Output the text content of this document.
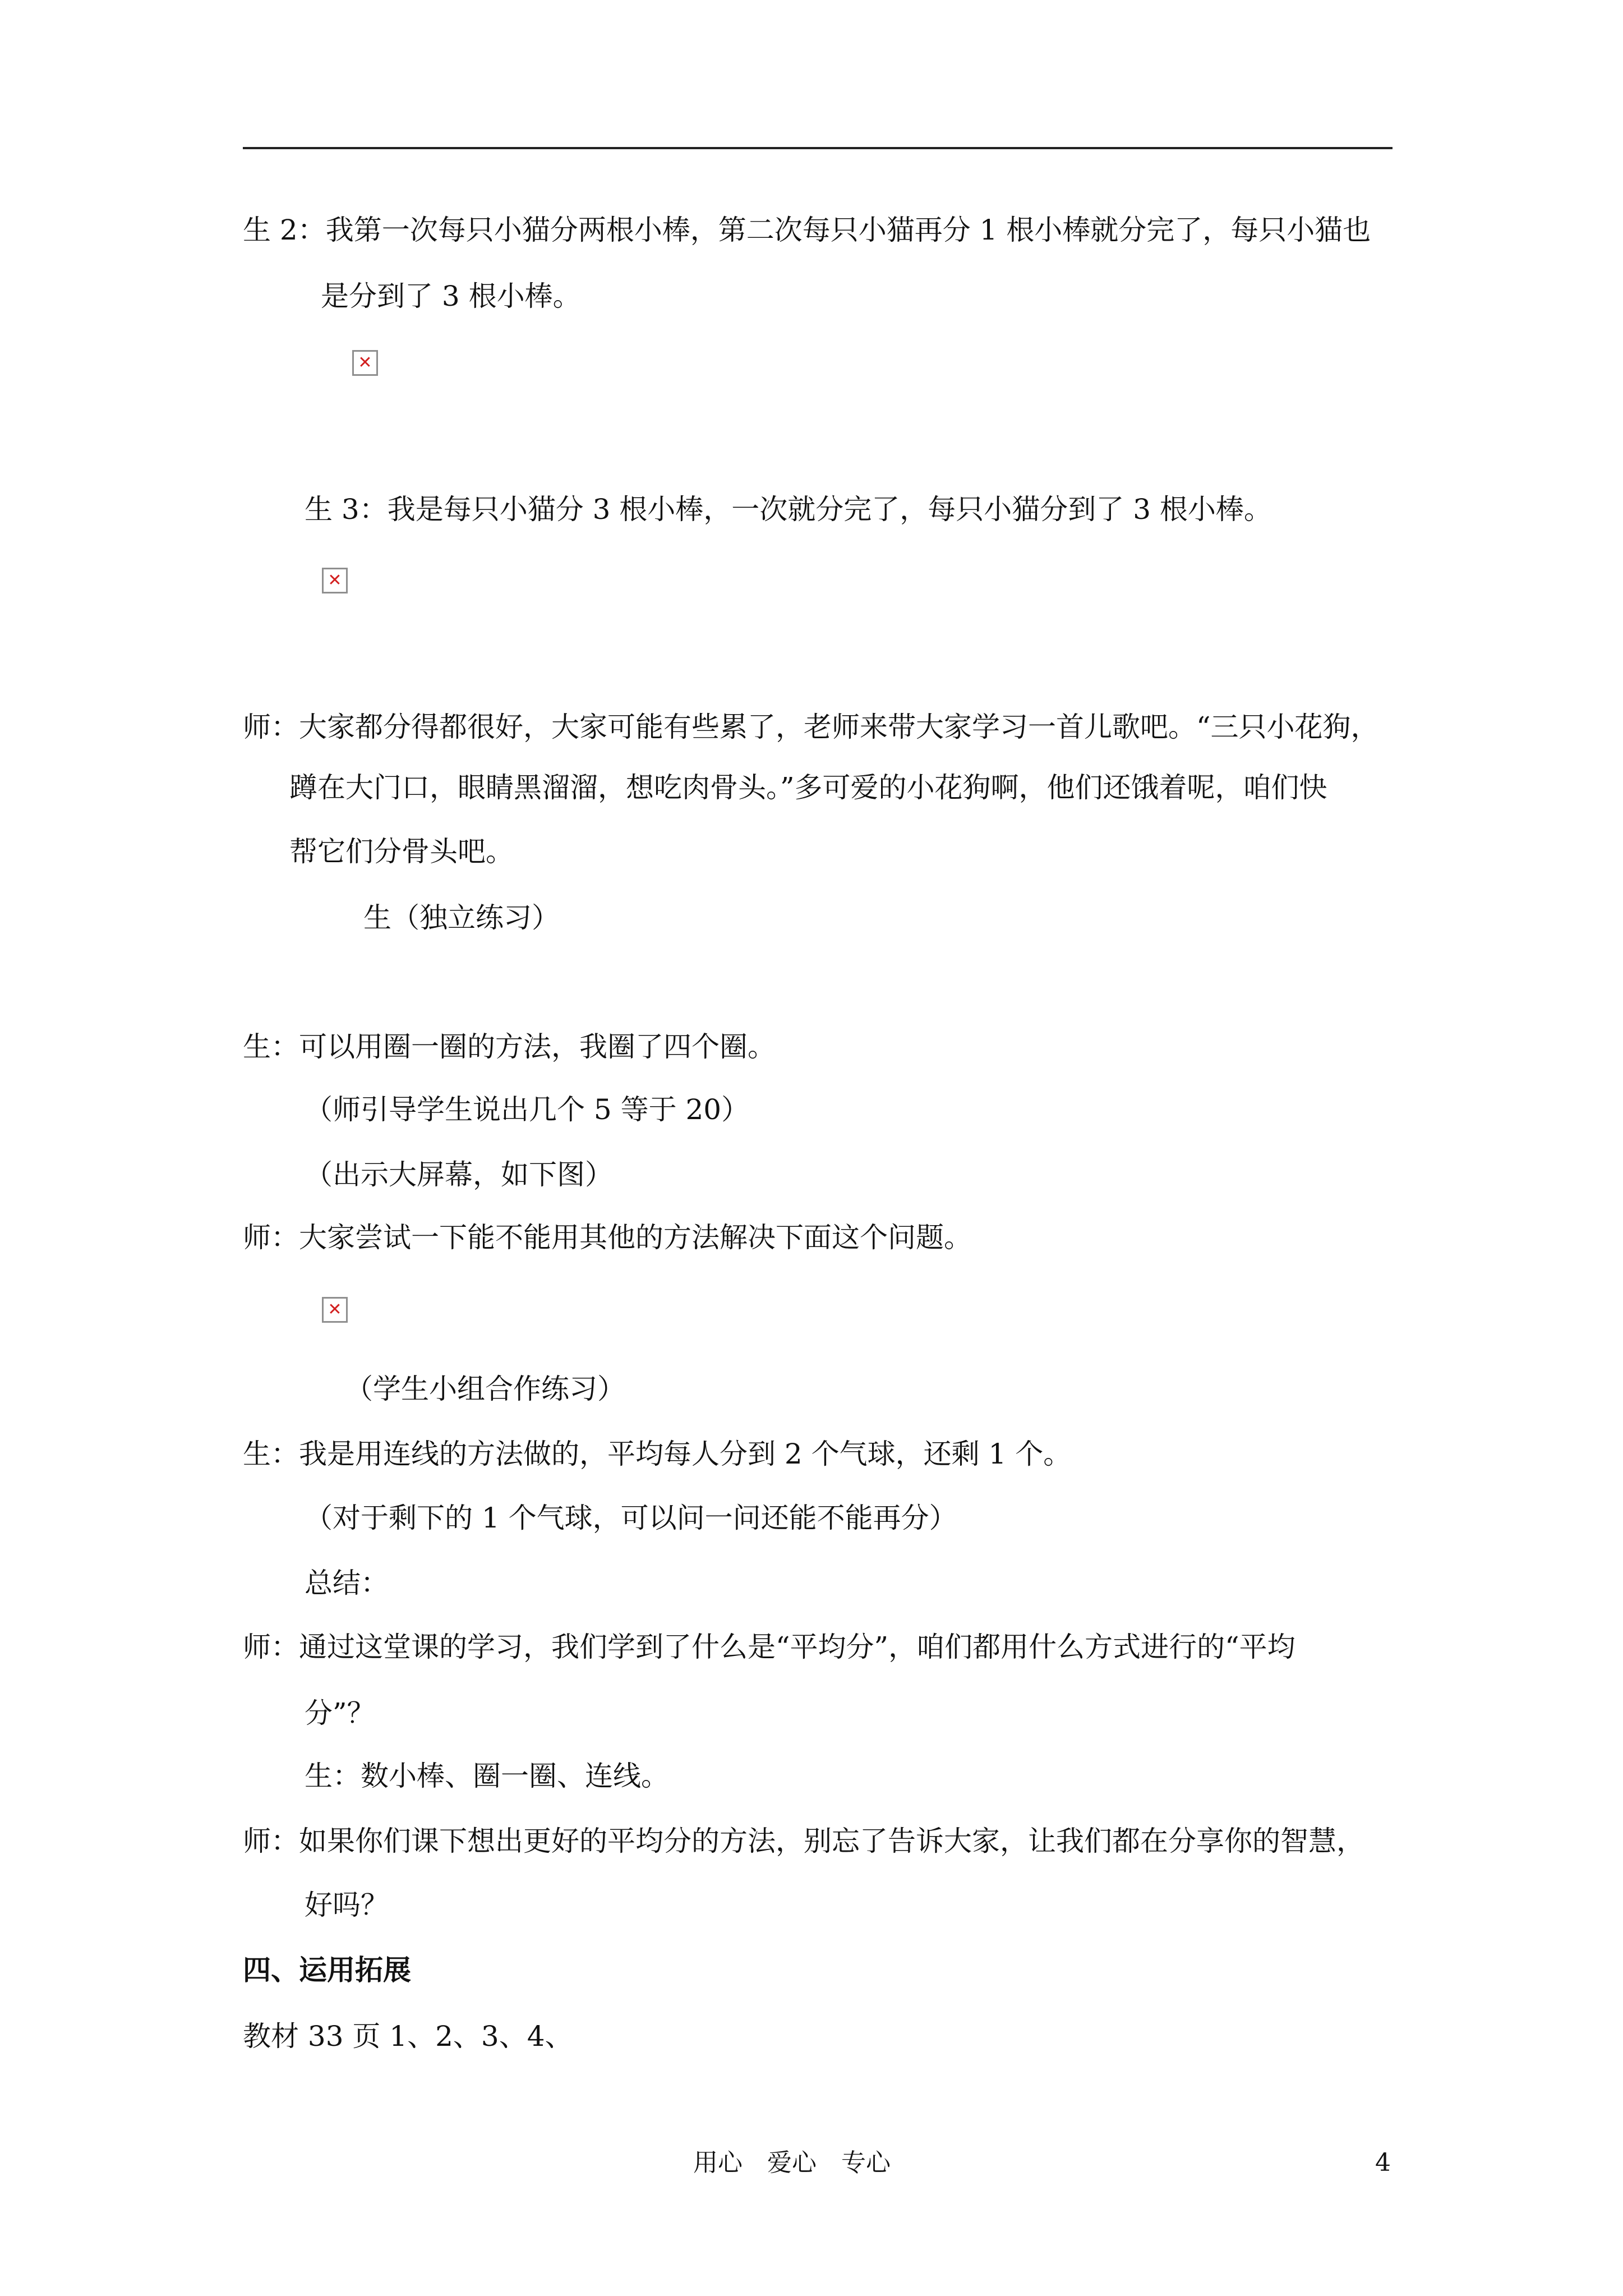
生 2：我第一次每只小猫分两根小棒，第二次每只小猫再分 1 根小棒就分完了，每只小猫也
是分到了 3 根小棒。
✕
生 3：我是每只小猫分 3 根小棒，一次就分完了，每只小猫分到了 3 根小棒。
✕
师：大家都分得都很好，大家可能有些累了，老师来带大家学习一首儿歌吧。“三只小花狗，
蹲在大门口，眼睛黑溜溜，想吃肉骨头。”多可爱的小花狗啊，他们还饿着呢，咱们快
帮它们分骨头吧。
生（独立练习）
生：可以用圈一圈的方法，我圈了四个圈。
（师引导学生说出几个 5 等于 20）
（出示大屏幕，如下图）
师：大家尝试一下能不能用其他的方法解决下面这个问题。
✕
（学生小组合作练习）
生：我是用连线的方法做的，平均每人分到 2 个气球，还剩 1 个。
（对于剩下的 1 个气球，可以问一问还能不能再分）
总结：
师：通过这堂课的学习，我们学到了什么是“平均分”，咱们都用什么方式进行的“平均
分”？
生：数小棒、圈一圈、连线。
师：如果你们课下想出更好的平均分的方法，别忘了告诉大家，让我们都在分享你的智慧，
好吗？
四、运用拓展
教材 33 页 1、2、3、4、
用心　爱心　专心	4
